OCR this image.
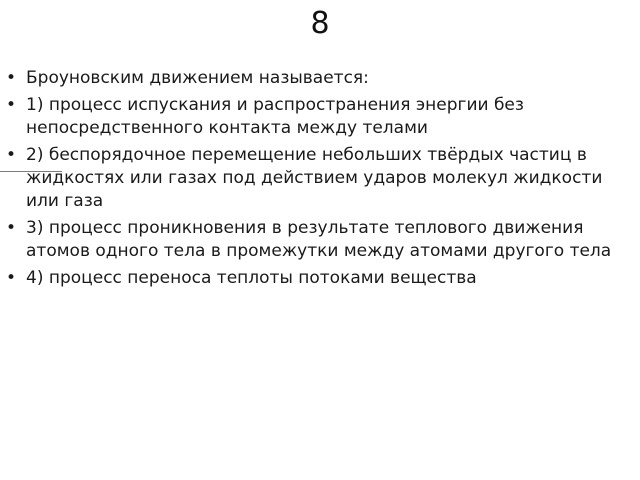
8
• Броуновским движением называется:
• 1) процесс испускания и распространения энергии без непосредственного контакта между телами
• 2) беспорядочное перемещение небольших твёрдых частиц в жидкостях или газах под действием ударов молекул жидкости или газа
• 3) процесс проникновения в результате теплового движения атомов одного тела в промежутки между атомами другого тела
• 4) процесс переноса теплоты потоками вещества
